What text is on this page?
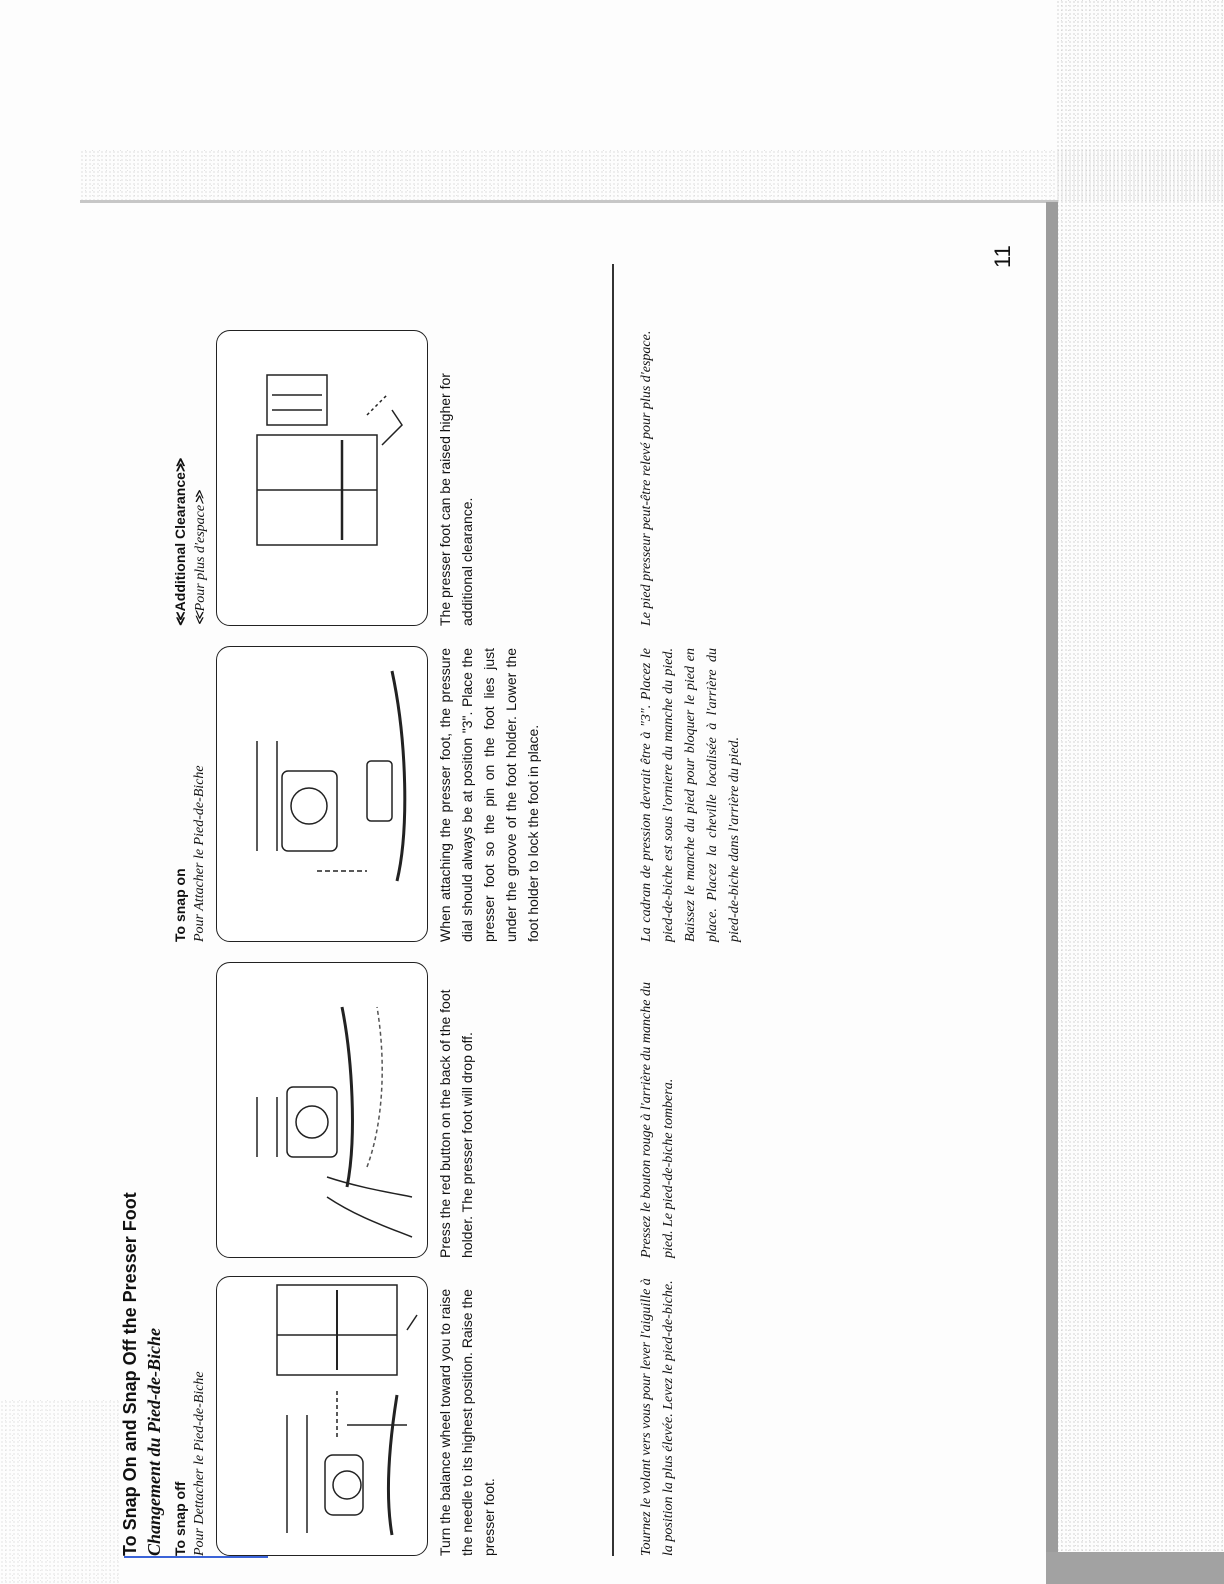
To Snap On and Snap Off the Presser Foot Changement du Pied-de-Biche To snap off Pour Dettacher le Pied-de-Biche

To snap on Pour Attacher le Pied-de-Biche

≪Additional Clearance≫ ≪Pour plus d'espace≫

Turn the balance wheel toward you to raise the needle to its highest position. Raise the presser foot.

Press the red button on the back of the foot holder. The presser foot will drop off.

When attaching the presser foot, the pressure dial should always be at position "3". Place the presser foot so the pin on the foot lies just under the groove of the foot holder. Lower the foot holder to lock the foot in place.

The presser foot can be raised higher for additional clearance.

Tournez le volant vers vous pour lever l'aiguille à la position la plus élevée. Levez le pied-de-biche.

Pressez le bouton rouge à l'arrière du manche du pied. Le pied-de-biche tombera.

La cadran de pression devrait être à "3". Placez le pied-de-biche est sous l'orniere du manche du pied. Baissez le manche du pied pour bloquer le pied en place. Placez la cheville localisée à l'arrière du pied-de-biche dans l'arrière du pied.

Le pied presseur peut-être relevé pour plus d'espace.

11
